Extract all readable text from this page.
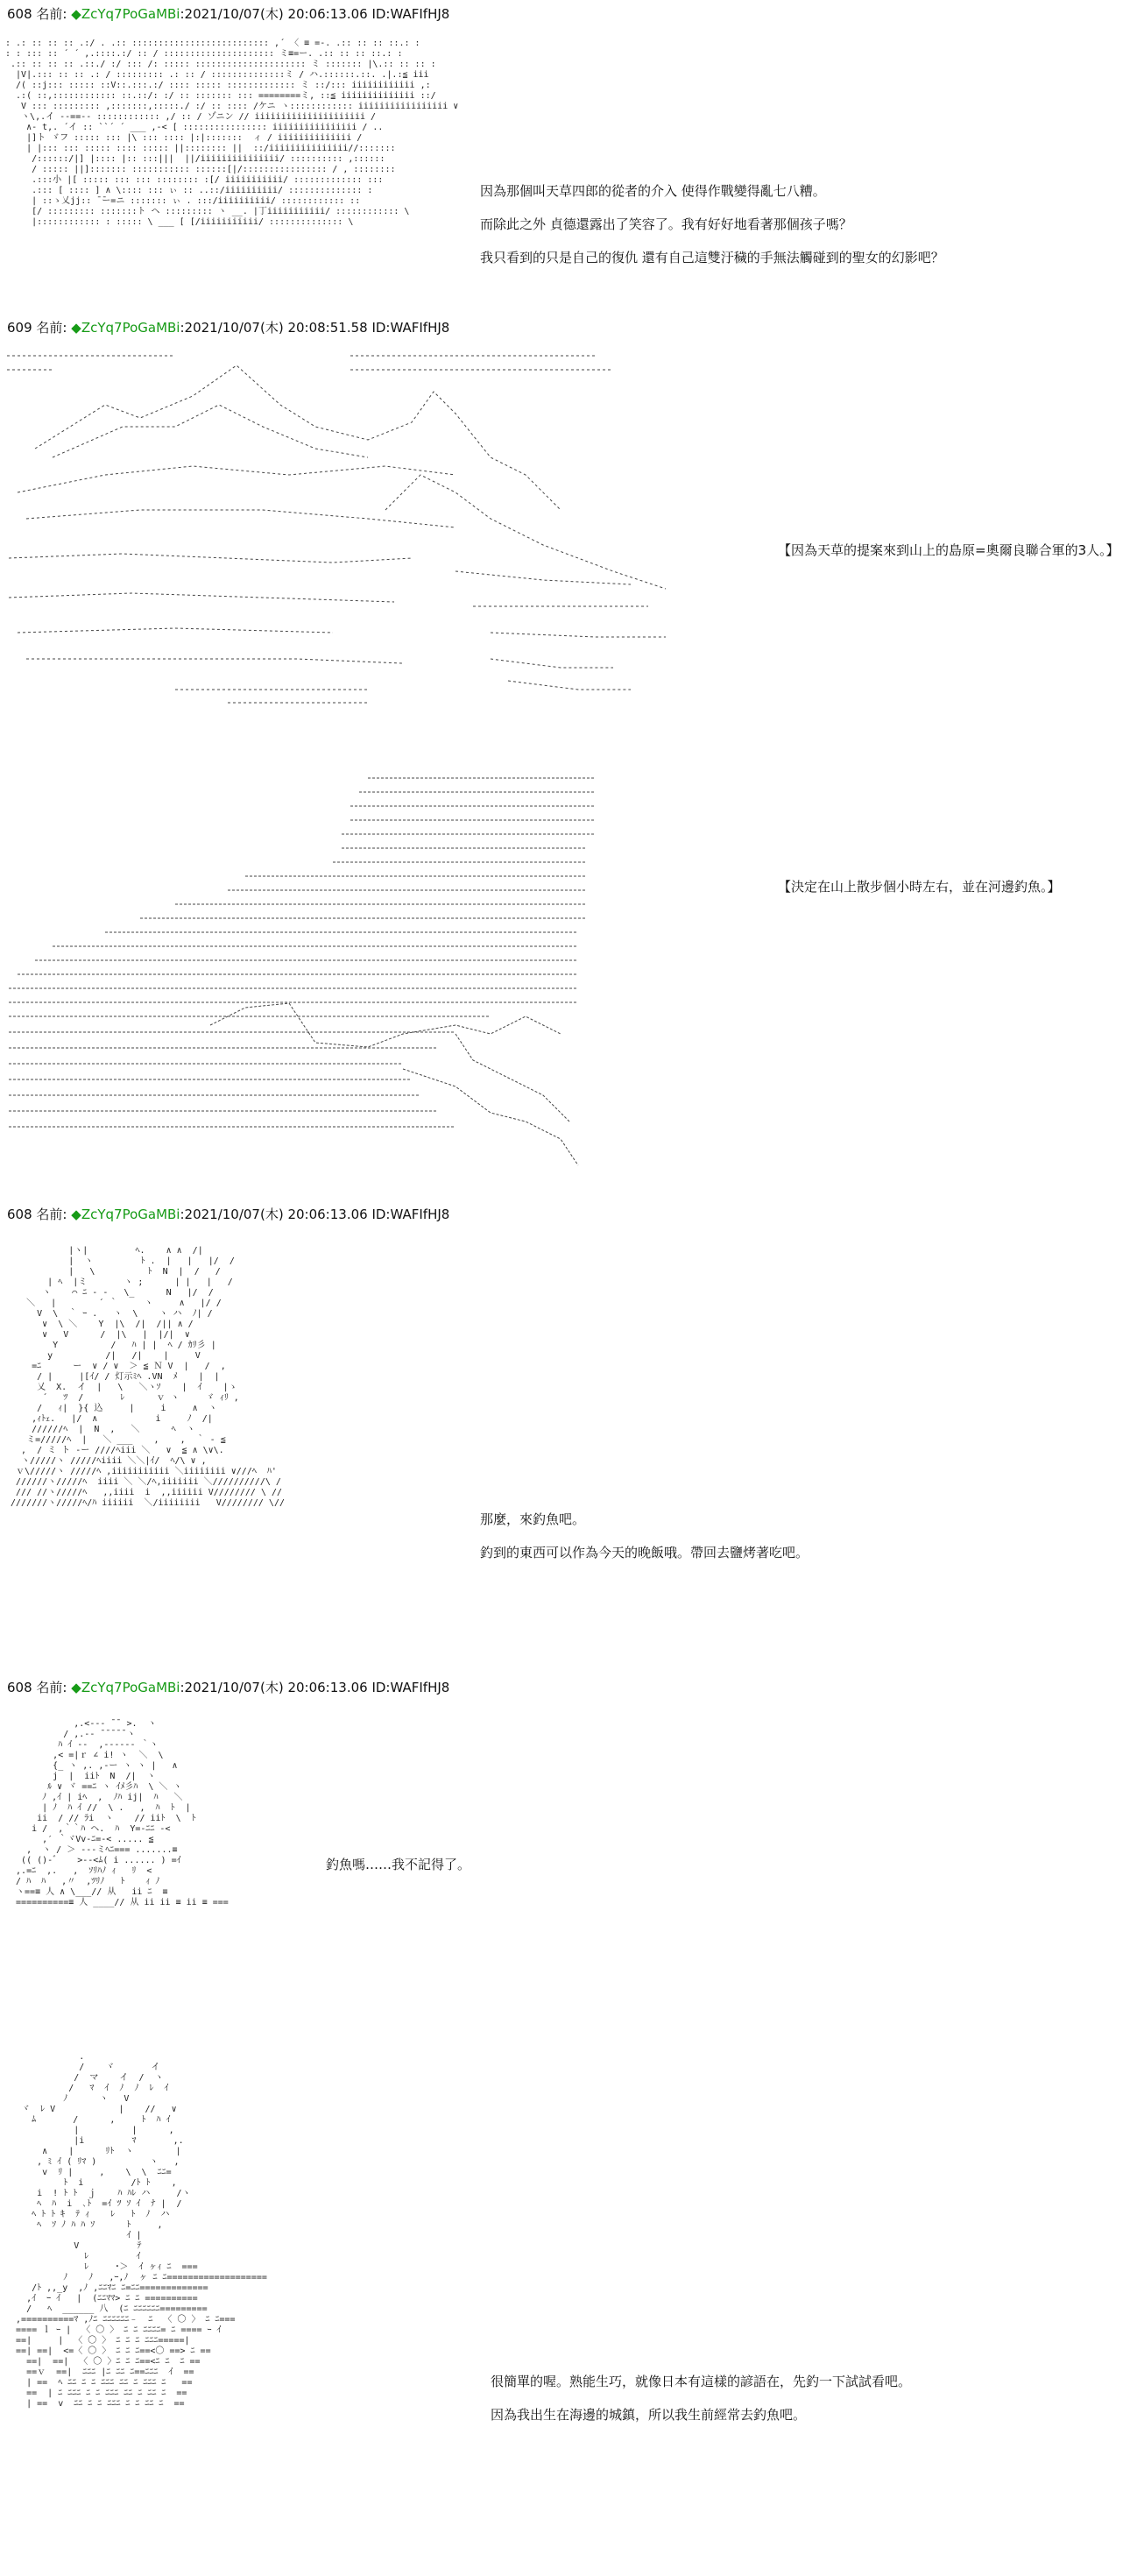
608 名前: ◆ZcYq7PoGaMBi:2021/10/07(木) 20:06:13.06 ID:WAFIfHJ8

: .: :: :: :: .:/ . .:: :::::::::::::::::::::::::: ,´ 〈 ≡ =-. .:: :: :: ::.: :
: : ::: :: ´ ´ ,.::::.:/ :: / ::::::::::::::::::::: ミ≡=ー. .:: :: :: ::.: :
.:: :: :: :: .::./ :/ ::: /: ::::: ::::::::::::::::::::: ミ ::::::: |\.:: :: :: :
|V|.::: :: :: .: / ::::::::: .: :: / ::::::::::::::ミ / ハ.::::::.::. .|.:≦ iii
/( ::j::: ::::: ::V::.:::.:/ :::: ::::: ::::::::::::: ミ ::/::: iiiiiiiiiiii ,:
.:( ::,:::::::::::: ::.::/: :/ :: ::::::: ::: ========ミ, ::≦ iiiiiiiiiiiiii ::/
V ::: ::::::::: ,:::::::,:::::./ :/ :: :::: /ケニ ヽ:::::::::::: iiiiiiiiiiiiiiiii ∨
ヽ\,.イ --==-- :::::::::::: ,/ :: / ゾニン // iiiiiiiiiiiiiiiiiiiii /
∧- t,. ´イ :: ``´ ´ ___ ,-< [ :::::::::::::::: iiiiiiiiiiiiiiii / ..
|]ト ゞフ ::::: ::: |\ ::: :::: |:|:::::::  ィ / iiiiiiiiiiiiii /
| |::: ::: ::::: :::: ::::: ||:::::::: ||  ::/iiiiiiiiiiiiiii//:::::::
/::::::/|] |:::: |:: :::|||  ||/iiiiiiiiiiiiiii/ :::::::::: ,::::::
/ ::::: ||]::::::: ::::::::::: ::::::[|/:::::::::::::::: / , ::::::::
.:::小 |[ ::::: ::: ::: :::::::: :[/ iiiiiiiiiii/ ::::::::::::: :::
.::: [ :::: ] ∧ \:::: ::: ぃ :: ..::/iiiiiiiiii/ :::::::::::::: :
| ::ゝ乂jj:: ̄ ̄ー=ニ ::::::: ぃ . :::/iiiiiiiiii/ :::::::::::: ::
[/ ::::::::: :::::::ト ヘ ::::::::: ヽ __. |丁iiiiiiiiiii/ :::::::::::: \
|:::::::::::: : ::::: \ ___ [ [/iiiiiiiiiii/ :::::::::::::: \

因為那個叫天草四郎的從者的介入 使得作戰變得亂七八糟。
而除此之外 貞德還露出了笑容了。我有好好地看著那個孩子嗎？
我只看到的只是自己的復仇 還有自己這雙汙穢的手無法觸碰到的聖女的幻影吧？
609 名前: ◆ZcYq7PoGaMBi:2021/10/07(木) 20:08:51.58 ID:WAFIfHJ8
【因為天草的提案來到山上的島原=奧爾良聯合軍的3人。】
【決定在山上散步個小時左右，並在河邊釣魚。】
608 名前: ◆ZcYq7PoGaMBi:2021/10/07(木) 20:06:13.06 ID:WAFIfHJ8

|ヽ|         ﾍ.    ∧ ∧  /|
|  ヽ         ﾄ .  |   |   |/  /
|   \          ﾄ  N  |  /   /
| ﾍ  |ミ       ヽ ;      | |   |   /
ヽ    ⌒ ﾆ ‐ ‐   \_      N   |/  /
＼   |        ´ ｀     ヽ     ∧   |/ /
V  \  ｀ ｰ .   ヽ  \    ヽ ハ  ﾉ| /
∨  \ ＼    Y  |\  /|  /|| ∧ /
∨   V      /  |\   |  |/|  ∨
Y          /   ﾊ | |  ﾍ / ｶﾘ彡 |
y          /|   /|    |     V
=ﾆ      ー  ∨ / ∨  ＞ ≦ Ｎ V  |   /  ,
/ |     |[ｲ/ / 灯示ﾐﾍ .VN  ﾒ    |  |
乂  X.  イ  |   \   ＼ヽｿ    |  ｲ    |ゝ
´   ﾂ  /       ﾚ      ｖ ヽ     ゞ ｨﾘ ,
/   ｨ|  }{ 込     |     i     ∧  ヽ
,ｨﾄｪ.   |/  ∧           i     ﾉ  /|
//////ﾍ  |  N  ,   ＼      ﾍ  ヽ
ミ=/////ﾍ  |   ＼ ___    ,    ,  ｀ - ≦
,  / ミ ト -ー ////ﾍiii ＼   ∨  ≦ ∧ \∨\.
ヽ/////ヽ /////ﾍiiii ＼＼|ｲ/  ﾍ/\ ∨ ,
ｖ\/////ヽ /////ﾍ ,iiiiiiiiiii ＼iiiiiiii ∨///ﾍ  ﾊ'
//////ヽ/////ﾍ  iiii ＼ ＼/ﾍ,iiiiiii ＼//////////\ /
/// //ヽ/////ﾍ   ,,iiii  i  ,,iiiiii V//////// \ //
///////ヽ/////ﾍ/ﾊ iiiiii  ＼/iiiiiiii   V//////// \//

那麼，來釣魚吧。
釣到的東西可以作為今天的晚飯哦。帶回去鹽烤著吃吧。
608 名前: ◆ZcYq7PoGaMBi:2021/10/07(木) 20:06:13.06 ID:WAFIfHJ8

,.<--- ̄ ̄  >.  ヽ
/ ,.-- ̄ ̄ ̄ ̄ ̄ ヽ
ﾊ ｲ --  ,------ ｀ヽ
,< =|ｒ ∠ i! ヽ  ＼  \
{_ ヽ ,. ,-ー ヽ ヽ |   ∧
j  |  iiﾄ  N  /|  ヽ
ﾙ ∨ ヾ ==ﾆ ヽ ｲﾒ彡ﾊ  \ ＼ ヽ
ﾉ ,ｲ | iﾍ  ,  ﾉﾊ ij|  ﾊ   ＼
| ﾉ  ﾊ ｲ //  \ .   ,  ﾊ  ﾄ  |
ii  / // ﾗi  ヽ    // iiﾄ  \  ﾄ
i /  ,｀｀ﾊ ヘ.  ﾊ  Y=-ﾆﾆ -<
,′ ｀ヾVv-ﾆ=-< ..... ≦
,  ヽ / ＞ ---ミﾍﾆ=== .......≡
(( ()-゛   >--<ﾑ( i ...... ) =ｲ
,.=ﾆ  ,.   ,  ｿﾘﾊﾉ ｨ   ﾘ  <
/ ﾊ  ﾊ   ,〃  ,ﾂﾘﾉ   ﾄ    ｨ ﾉ
ヽ==≡ 人 ∧ \___// 从   ii ﾆ  ≡
==========≡ 人 ____// 从 ii ii ≡ ii ≡ ===

釣魚嗎……我不記得了。

.
/    ヾ       イ
/  マ    イ  /  ヽ
/   ﾏ  ｲ  ﾉ  ﾉ  ﾚ  ｲ
ﾉ      ヽ   V
ヾ  ﾚ V            |    //   ∨
ﾑ       /      ,     ﾄ  ﾊ ｲ
|          |      ,
|i         ﾏ       ,.
∧    |      ﾘﾄ  ヽ        |
, ﾐ ｲ ( ﾘﾏ )          ヽ   ,
v  ﾘ |     ,    \  \  ﾆﾆ=
ﾄ  i         /ﾄ ﾄ    ,
i  ! ﾄ ﾄ  ｊ    ﾊ ﾊﾚ ハ     /ヽ
ﾍ  ﾊ  i  ､ﾄ  =ｲ ﾂ ｿ ｲ  ﾅ |  /
ﾍ ﾄ ﾄ ｷ  ﾃ ｨ    ﾚ   ﾄ  ﾉ  ハ
ﾍ  ｿ ﾉ ﾊ ﾊ ｿ      ﾄ     ,
ｲ |
V           ﾃ
ﾚ         ｲ
ﾚ     ･＞  ｲ ヶｨ ﾆ  ===
ﾉ    ﾉ   ,ｰ,ﾉ  ヶ ﾆ ﾆ===================
/ﾄ ,,_y  ,ﾉ ,ﾆﾆﾏﾆ ﾆ=ﾆﾆ=============
,ｲ  ｰ ｲ   |  (ﾆﾆﾏﾏ> ﾆ ﾆ ==========
/   ﾍ  ______ 八  (ﾆ ﾆﾆﾆﾆﾆﾆ=========
,==========ﾏ ,ﾉﾆ ﾆﾆﾆﾆﾆﾆ﹣  ﾆ  〈 〇 〉 ﾆ ﾆ===
==== ｌ ｰ |  〈 〇 〉 ﾆ ﾆ ﾆﾆﾆﾆ= ﾆ ==== ｰ ｲ
==|     |  〈 〇 〉 ﾆ ﾆ ﾆ ﾆﾆﾆ=====|
==| ==|  <=〈 〇 〉 ﾆ ﾆ ﾆ==<〇 ==> ﾆ ==
==|  ==|  〈 〇 〉ﾆ ﾆ ﾆ==<ﾆ ﾆ  ﾆ ==
==ｖ  ==|  ﾆﾆﾆ |ﾆ ﾆﾆ ﾆ==ﾆﾆﾆ  ｲ  ==
| ==  ﾍ ﾆﾆ ﾆ ﾆ ﾆﾆﾆ ﾆﾆ ﾆ ﾆﾆﾆ ﾆ   ==
==  | ﾆ ﾆﾆﾆ ﾆ ﾆ ﾆﾆﾆ ﾆﾆ ﾆ ﾆﾆ ﾆ  ==
| ==  v  ﾆﾆ ﾆ ﾆ ﾆﾆﾆ ﾆ ﾆ ﾆﾆ ﾆ  ==

很簡單的喔。熟能生巧，就像日本有這樣的諺語在，先釣一下試試看吧。
因為我出生在海邊的城鎮，所以我生前經常去釣魚吧。
